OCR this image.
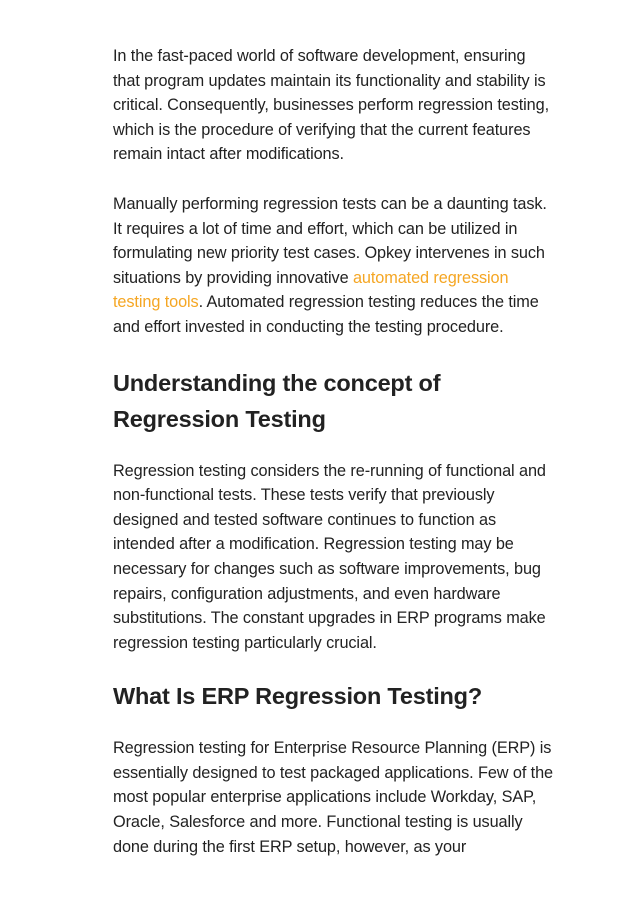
In the fast-paced world of software development, ensuring that program updates maintain its functionality and stability is critical. Consequently, businesses perform regression testing, which is the procedure of verifying that the current features remain intact after modifications.

Manually performing regression tests can be a daunting task. It requires a lot of time and effort, which can be utilized in formulating new priority test cases. Opkey intervenes in such situations by providing innovative automated regression testing tools. Automated regression testing reduces the time and effort invested in conducting the testing procedure.

Understanding the concept of Regression Testing

Regression testing considers the re-running of functional and non-functional tests. These tests verify that previously designed and tested software continues to function as intended after a modification. Regression testing may be necessary for changes such as software improvements, bug repairs, configuration adjustments, and even hardware substitutions. The constant upgrades in ERP programs make regression testing particularly crucial.

What Is ERP Regression Testing?

Regression testing for Enterprise Resource Planning (ERP) is essentially designed to test packaged applications. Few of the most popular enterprise applications include Workday, SAP, Oracle, Salesforce and more. Functional testing is usually done during the first ERP setup, however, as your
